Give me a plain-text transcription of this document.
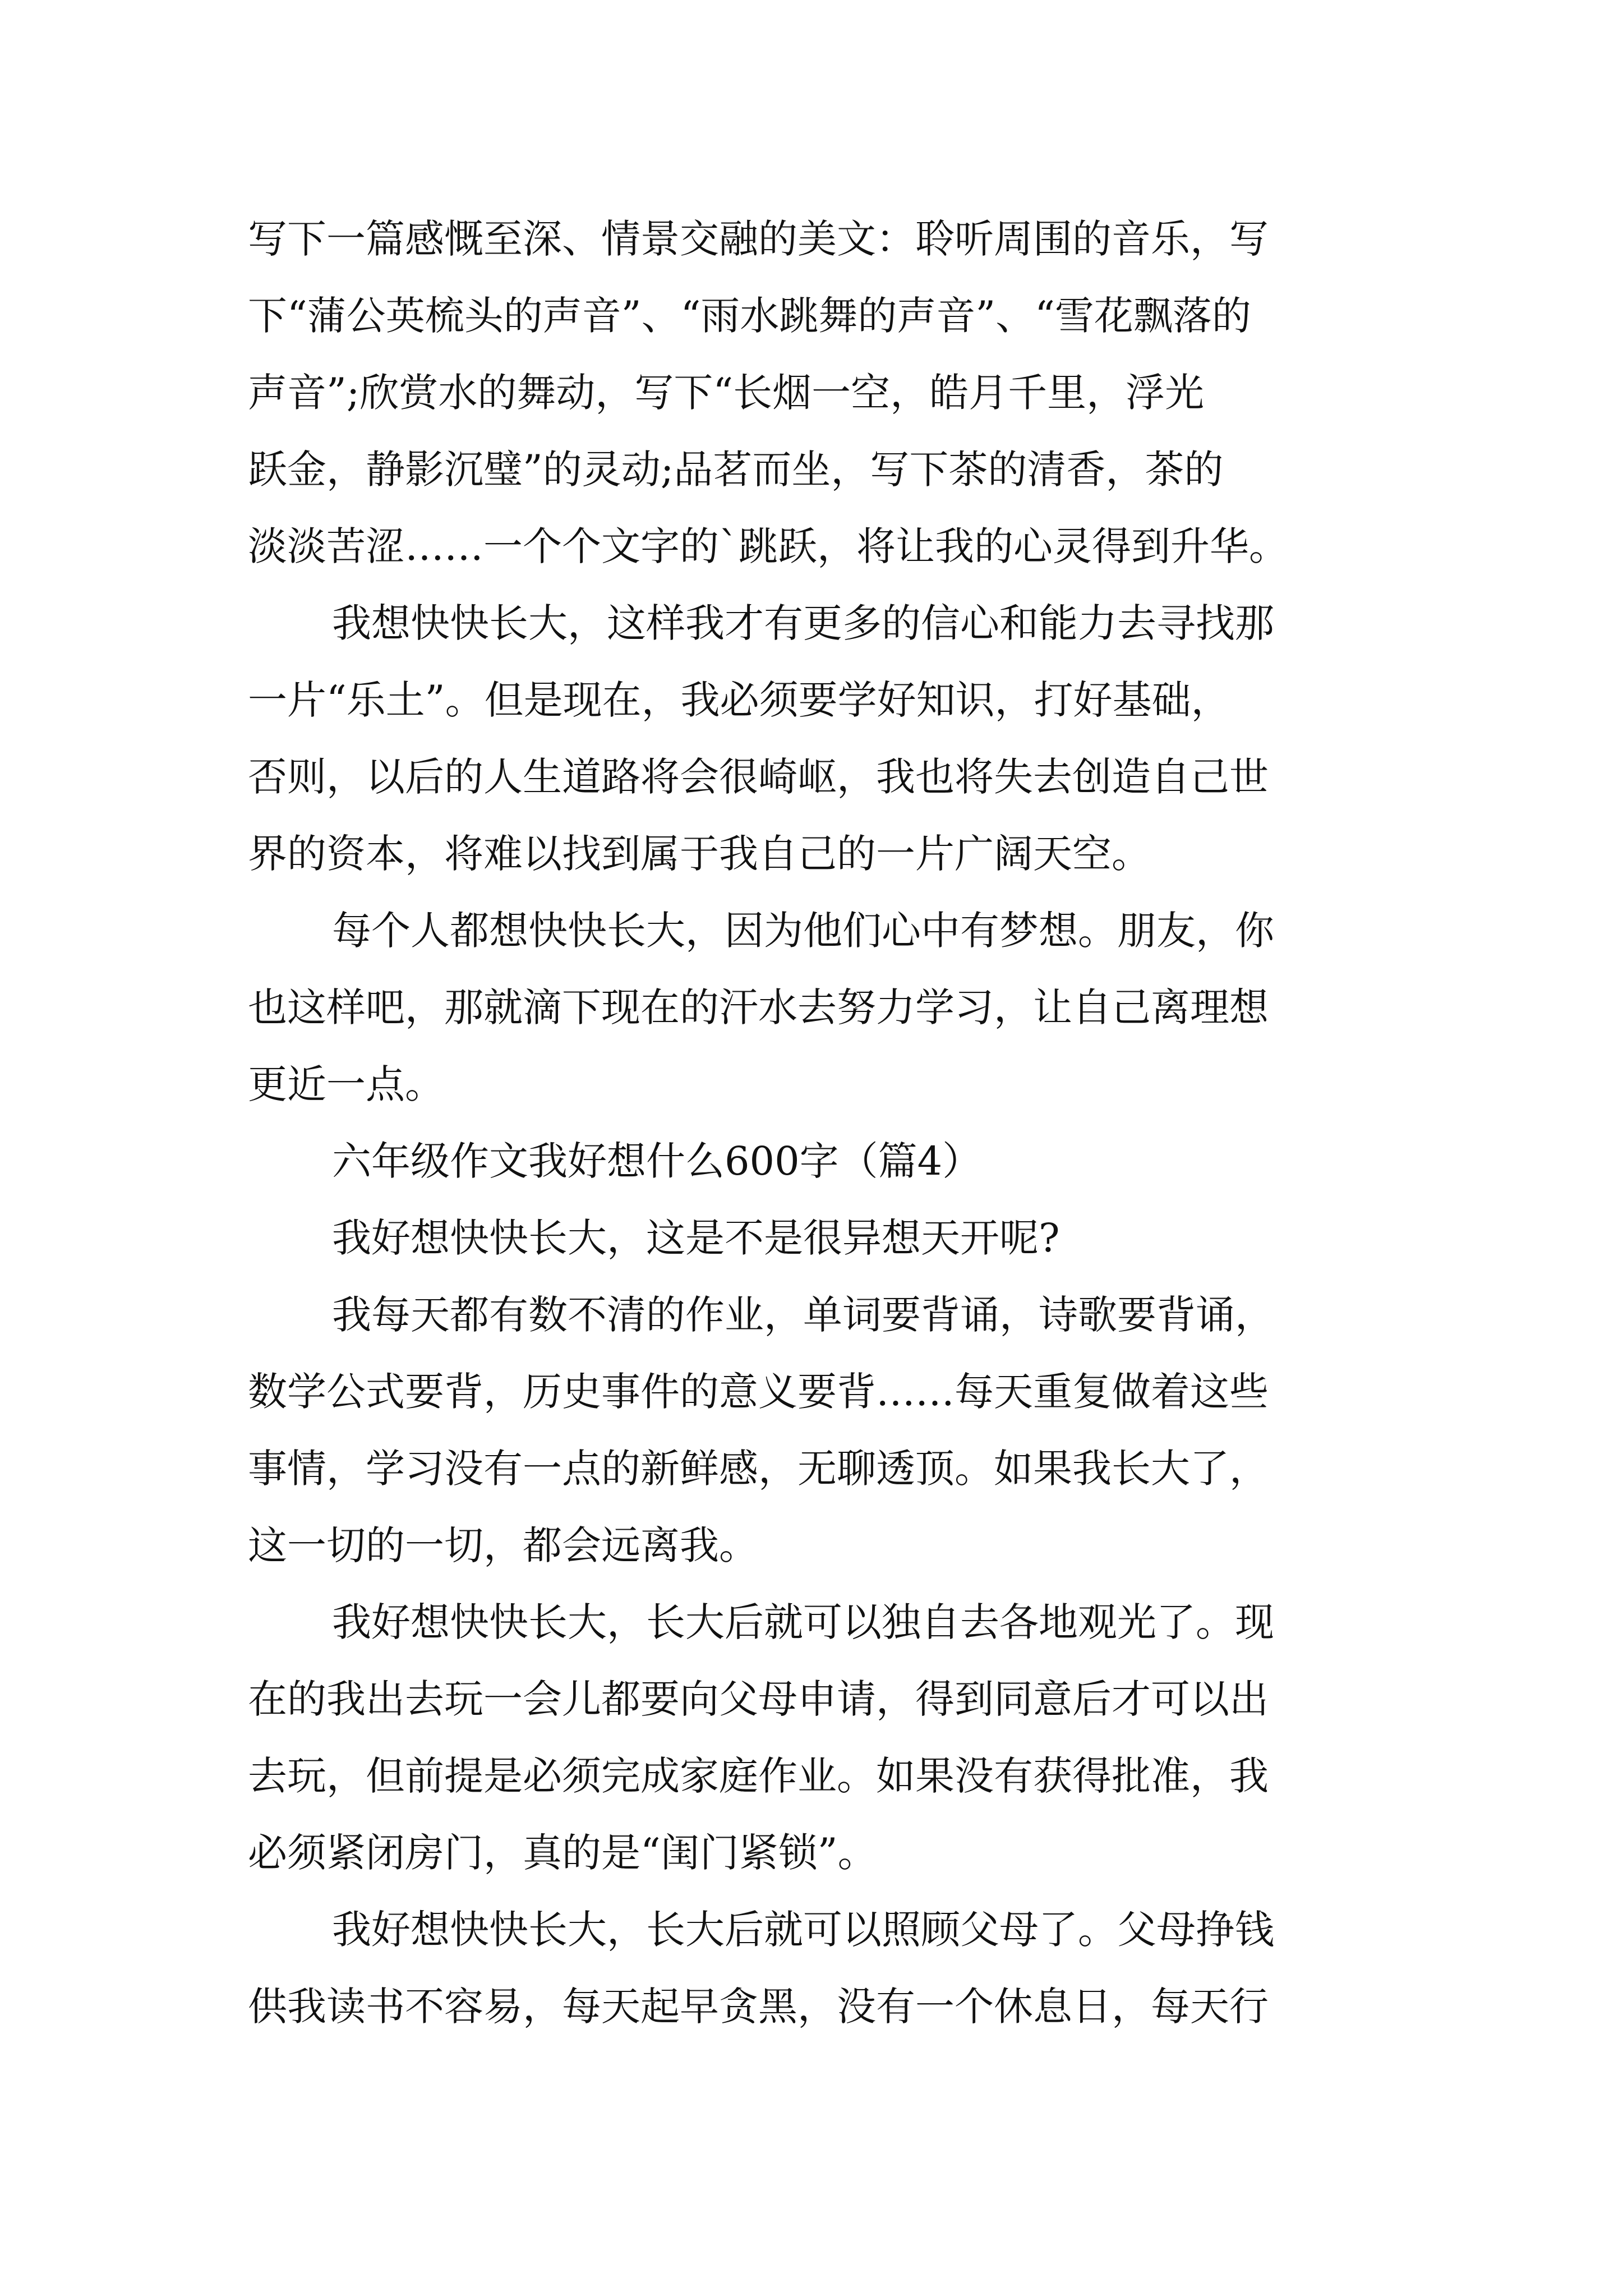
写下一篇感慨至深、情景交融的美文：聆听周围的音乐，写
下“蒲公英梳头的声音”、“雨水跳舞的声音”、“雪花飘落的
声音”;欣赏水的舞动，写下“长烟一空，皓月千里，浮光
跃金，静影沉璧”的灵动;品茗而坐，写下茶的清香，茶的
淡淡苦涩……一个个文字的`跳跃，将让我的心灵得到升华。
我想快快长大，这样我才有更多的信心和能力去寻找那
一片“乐土”。但是现在，我必须要学好知识，打好基础，
否则，以后的人生道路将会很崎岖，我也将失去创造自己世
界的资本，将难以找到属于我自己的一片广阔天空。
每个人都想快快长大，因为他们心中有梦想。朋友，你
也这样吧，那就滴下现在的汗水去努力学习，让自己离理想
更近一点。
六年级作文我好想什么600字（篇4）
我好想快快长大，这是不是很异想天开呢?
我每天都有数不清的作业，单词要背诵，诗歌要背诵，
数学公式要背，历史事件的意义要背……每天重复做着这些
事情，学习没有一点的新鲜感，无聊透顶。如果我长大了，
这一切的一切，都会远离我。
我好想快快长大，长大后就可以独自去各地观光了。现
在的我出去玩一会儿都要向父母申请，得到同意后才可以出
去玩，但前提是必须完成家庭作业。如果没有获得批准，我
必须紧闭房门，真的是“闺门紧锁”。
我好想快快长大，长大后就可以照顾父母了。父母挣钱
供我读书不容易，每天起早贪黑，没有一个休息日，每天行
